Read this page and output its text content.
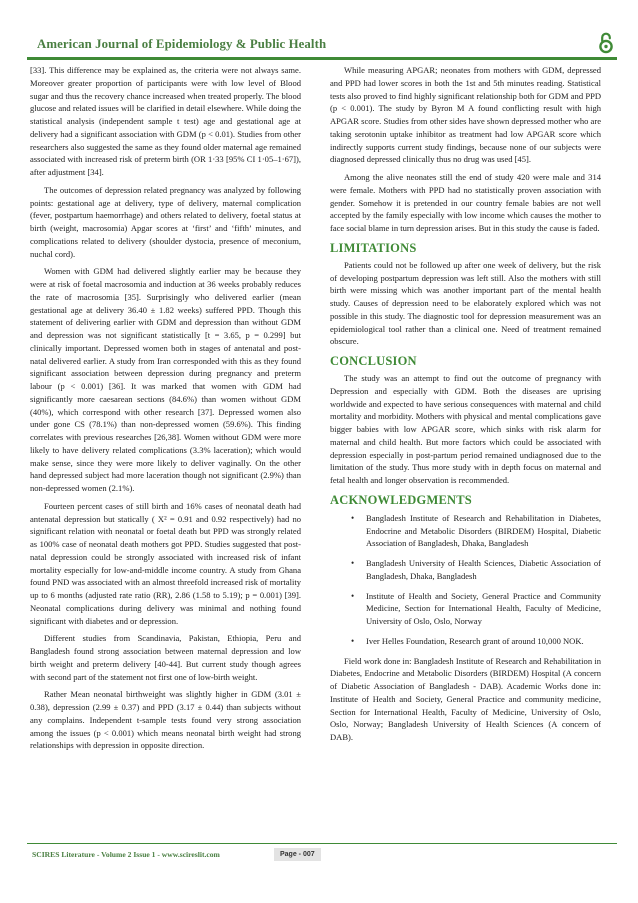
American Journal of Epidemiology & Public Health

[33]. This difference may be explained as, the criteria were not always same. Moreover greater proportion of participants were with low level of Blood sugar and thus the recovery chance increased when treated properly. The blood glucose and related issues will be clarified in detail elsewhere. While doing the statistical analysis (independent sample t test) age and gestational age at delivery had a significant association with GDM (p < 0.01). Studies from other researchers also suggested the same as they found older maternal age remained associated with increased risk of preterm birth (OR 1·33 [95% CI 1·05–1·67]), after adjustment [34].

The outcomes of depression related pregnancy was analyzed by following points: gestational age at delivery, type of delivery, maternal complication (fever, postpartum haemorrhage) and others related to delivery, foetal status at birth (weight, macrosomia) Apgar scores at ‘first’ and ‘fifth’ minutes, and complications related to delivery (shoulder dystocia, presence of meconium, nuchal cord).

Women with GDM had delivered slightly earlier may be because they were at risk of foetal macrosomia and induction at 36 weeks probably reduces the rate of macrosomia [35]. Surprisingly who delivered earlier (mean gestational age at delivery 36.40 ± 1.82 weeks) suffered PPD. Though this statement of delivering earlier with GDM and depression than without GDM and depression was not significant statistically [t = 3.65, p = 0.299] but clinically important. Depressed women both in stages of antenatal and post-natal delivered earlier. A study from Iran corresponded with this as they found significant association between depression during pregnancy and preterm labour (p < 0.001) [36]. It was marked that women with GDM had significantly more caesarean sections (84.6%) than women without GDM (40%), which correspond with other research [37]. Depressed women also under gone CS (78.1%) than non-depressed women (59.6%). This finding correlates with previous researches [26,38]. Women without GDM were more likely to have delivery related complications (3.3% laceration); which would make sense, since they were more likely to deliver vaginally. On the other hand depressed subject had more laceration though not significant (2.9%) than non-depressed women (2.1%).

Fourteen percent cases of still birth and 16% cases of neonatal death had antenatal depression but statically ( Χ² = 0.91 and 0.92 respectively) had no significant relation with neonatal or foetal death but PPD was strongly related as 100% case of neonatal death mothers got PPD. Studies suggested that post-natal depression could be strongly associated with increased risk of infant mortality especially for low-and-middle income country. A study from Ghana found PND was associated with an almost threefold increased risk of mortality up to 6 months (adjusted rate ratio (RR), 2.86 (1.58 to 5.19); p = 0.001) [39]. Neonatal complications during delivery was minimal and nothing found significant with diabetes and or depression.

Different studies from Scandinavia, Pakistan, Ethiopia, Peru and Bangladesh found strong association between maternal depression and low birth weight and preterm delivery [40-44]. But current study though agrees with second part of the statement not first one of low-birth weight.

Rather Mean neonatal birthweight was slightly higher in GDM (3.01 ± 0.38), depression (2.99 ± 0.37) and PPD (3.17 ± 0.44) than subjects without any complains. Independent t-sample tests found very strong association among the issues (p < 0.001) which means neonatal birth weight had strong relationships with depression in opposite direction.

While measuring APGAR; neonates from mothers with GDM, depressed and PPD had lower scores in both the 1st and 5th minutes reading. Statistical tests also proved to find highly significant relationship both for GDM and PPD (p < 0.001). The study by Byron M A found conflicting result with high APGAR score. Studies from other sides have shown depressed mother who are taking serotonin uptake inhibitor as treatment had low APGAR score which indirectly supports current study findings, because none of our subjects were diagnosed depressed clinically thus no drug was used [45].

Among the alive neonates still the end of study 420 were male and 314 were female. Mothers with PPD had no statistically proven association with gender. Somehow it is pretended in our country female babies are not well accepted by the family especially with low income which causes the mother to face social blame in turn depression arises. But in this study the cause is faded.

LIMITATIONS

Patients could not be followed up after one week of delivery, but the risk of developing postpartum depression was left still. Also the mothers with still birth were missing which was another important part of the mental health study. Causes of depression need to be elaborately explored which was not possible in this study. The diagnostic tool for depression measurement was an epidemiological tool rather than a clinical one. Need of treatment remained obscure.

CONCLUSION

The study was an attempt to find out the outcome of pregnancy with Depression and especially with GDM. Both the diseases are uprising worldwide and expected to have serious consequences with maternal and child mortality and morbidity. Mothers with physical and mental complications gave bigger babies with low APGAR score, which sinks with risk alarm for maternal and child health. But more factors which could be associated with depression especially in post-partum period remained undiagnosed due to the limitation of the study. Thus more study with in depth focus on maternal and fetal health and longer observation is recommended.

ACKNOWLEDGMENTS
• Bangladesh Institute of Research and Rehabilitation in Diabetes, Endocrine and Metabolic Disorders (BIRDEM) Hospital, Diabetic Association of Bangladesh, Dhaka, Bangladesh
• Bangladesh University of Health Sciences, Diabetic Association of Bangladesh, Dhaka, Bangladesh
• Institute of Health and Society, General Practice and Community Medicine, Section for International Health, Faculty of Medicine, University of Oslo, Oslo, Norway
• Iver Helles Foundation, Research grant of around 10,000 NOK.

Field work done in: Bangladesh Institute of Research and Rehabilitation in Diabetes, Endocrine and Metabolic Disorders (BIRDEM) Hospital (A concern of Diabetic Association of Bangladesh - DAB). Academic Works done in: Institute of Health and Society, General Practice and community medicine, Section for International Health, Faculty of Medicine, University of Oslo, Oslo, Norway; Bangladesh University of Health Sciences (A concern of DAB).

SCIRES Literature - Volume 2 Issue 1 - www.scireslit.com	Page - 007
